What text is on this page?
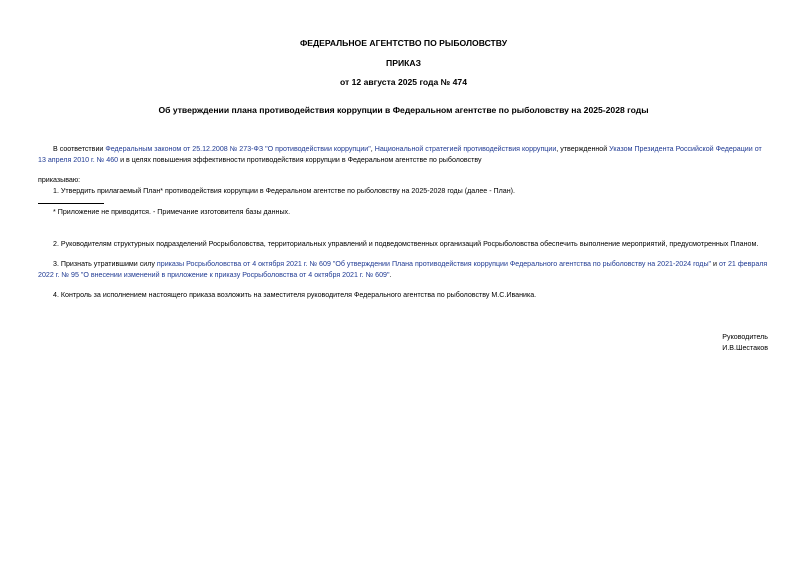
ФЕДЕРАЛЬНОЕ АГЕНТСТВО ПО РЫБОЛОВСТВУ
ПРИКАЗ
от 12 августа 2025 года № 474
Об утверждении плана противодействия коррупции в Федеральном агентстве по рыболовству на 2025-2028 годы
В соответствии Федеральным законом от 25.12.2008 № 273-ФЗ "О противодействии коррупции", Национальной стратегией противодействия коррупции, утвержденной Указом Президента Российской Федерации от 13 апреля 2010 г. № 460 и в целях повышения эффективности противодействия коррупции в Федеральном агентстве по рыболовству
приказываю:
1. Утвердить прилагаемый План* противодействия коррупции в Федеральном агентстве по рыболовству на 2025-2028 годы (далее - План).
* Приложение не приводится. - Примечание изготовителя базы данных.
2. Руководителям структурных подразделений Росрыболовства, территориальных управлений и подведомственных организаций Росрыболовства обеспечить выполнение мероприятий, предусмотренных Планом.
3. Признать утратившими силу приказы Росрыболовства от 4 октября 2021 г. № 609 "Об утверждении Плана противодействия коррупции Федерального агентства по рыболовству на 2021-2024 годы" и от 21 февраля 2022 г. № 95 "О внесении изменений в приложение к приказу Росрыболовства от 4 октября 2021 г. № 609".
4. Контроль за исполнением настоящего приказа возложить на заместителя руководителя Федерального агентства по рыболовству М.С.Иваника.
Руководитель
И.В.Шестаков
